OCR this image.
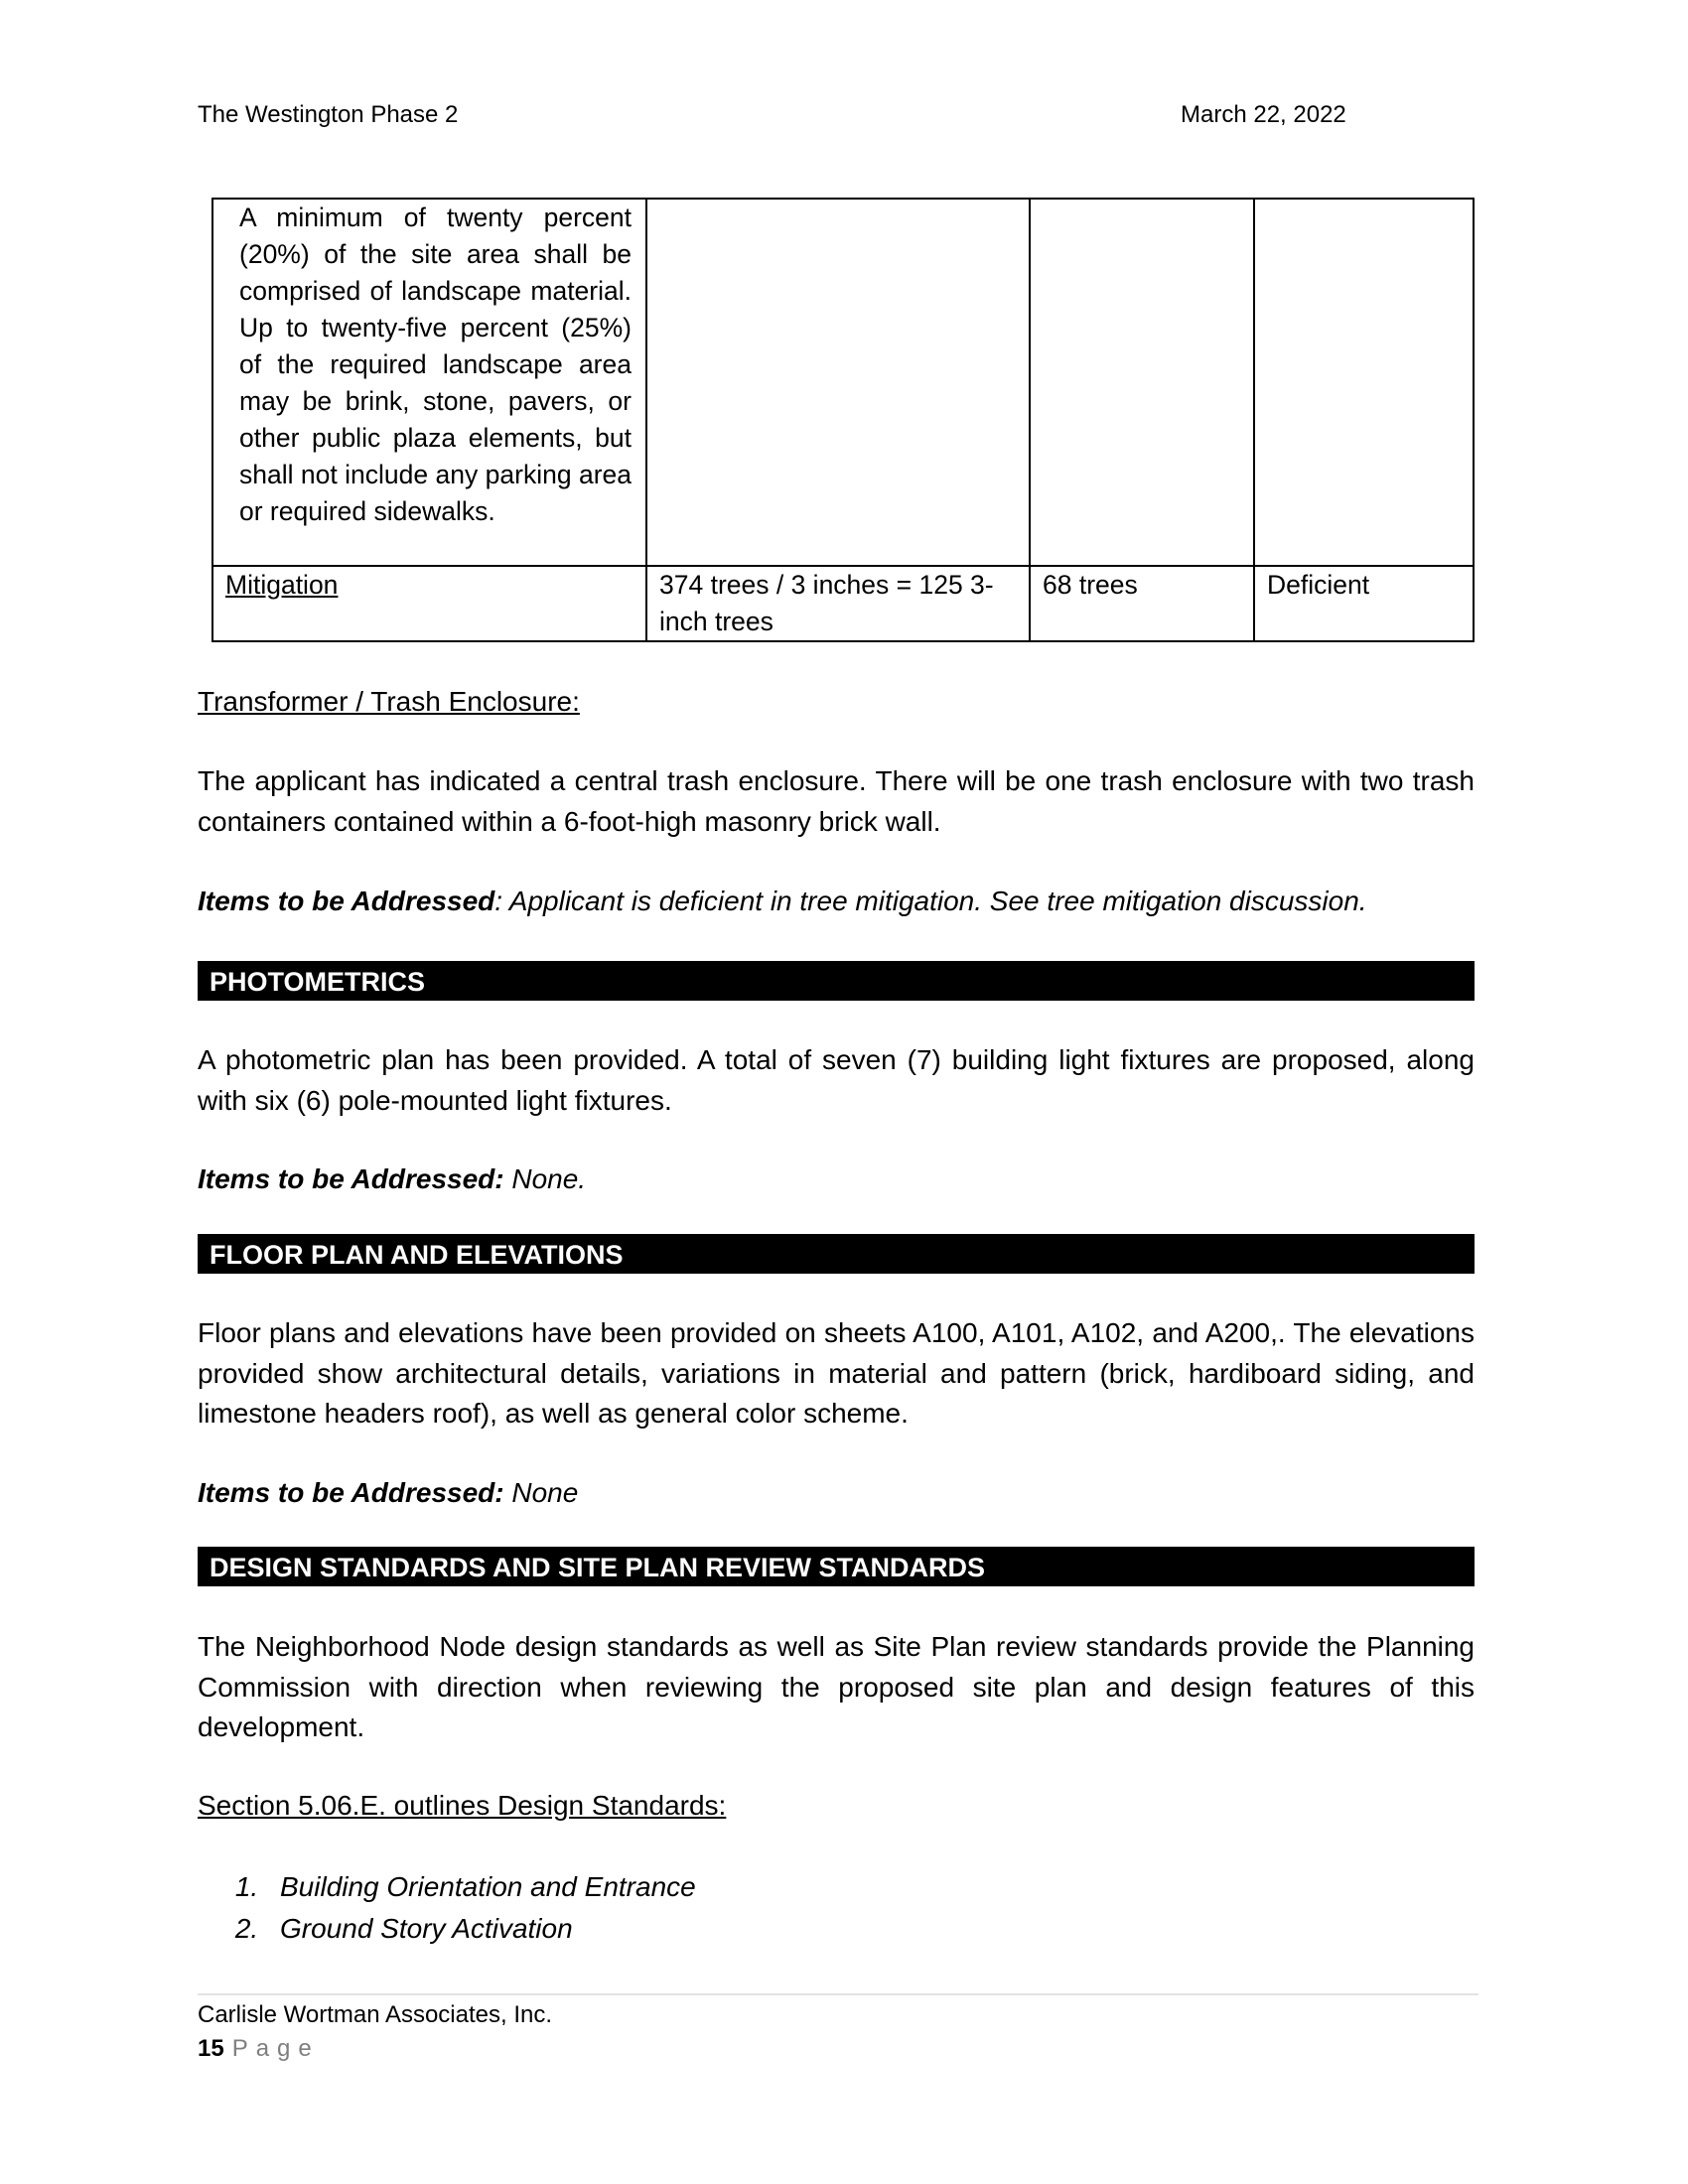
The Westington Phase 2	March 22, 2022
A minimum of twenty percent (20%) of the site area shall be comprised of landscape material. Up to twenty-five percent (25%) of the required landscape area may be brink, stone, pavers, or other public plaza elements, but shall not include any parking area or required sidewalks.			
Mitigation	374 trees / 3 inches = 125 3-inch trees	68 trees	Deficient
Transformer / Trash Enclosure:
The applicant has indicated a central trash enclosure. There will be one trash enclosure with two trash containers contained within a 6-foot-high masonry brick wall.
Items to be Addressed: Applicant is deficient in tree mitigation. See tree mitigation discussion.
PHOTOMETRICS
A photometric plan has been provided. A total of seven (7) building light fixtures are proposed, along with six (6) pole-mounted light fixtures.
Items to be Addressed: None.
FLOOR PLAN AND ELEVATIONS
Floor plans and elevations have been provided on sheets A100, A101, A102, and A200,. The elevations provided show architectural details, variations in material and pattern (brick, hardiboard siding, and limestone headers roof), as well as general color scheme.
Items to be Addressed: None
DESIGN STANDARDS AND SITE PLAN REVIEW STANDARDS
The Neighborhood Node design standards as well as Site Plan review standards provide the Planning Commission with direction when reviewing the proposed site plan and design features of this development.
Section 5.06.E. outlines Design Standards:
1. Building Orientation and Entrance
2. Ground Story Activation
Carlisle Wortman Associates, Inc.
15 Page
